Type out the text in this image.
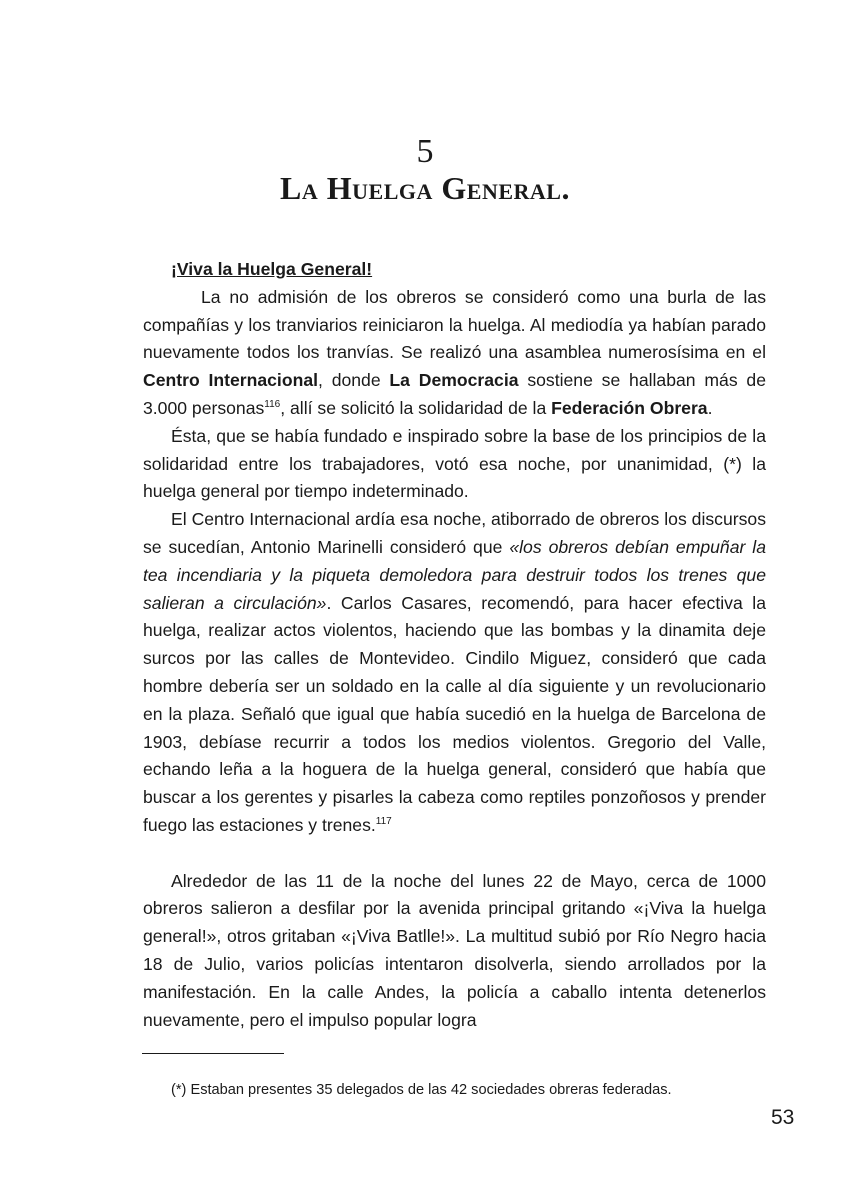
5
La Huelga General.

¡Viva la Huelga General!

La no admisión de los obreros se consideró como una burla de las compañías y los tranviarios reiniciaron la huelga. Al mediodía ya habían parado nuevamente todos los tranvías. Se realizó una asamblea numerosísima en el Centro Internacional, donde La Democracia sostiene se hallaban más de 3.000 personas$^{116}$, allí se solicitó la solidaridad de la Federación Obrera.

Ésta, que se había fundado e inspirado sobre la base de los principios de la solidaridad entre los trabajadores, votó esa noche, por unanimidad, (*) la huelga general por tiempo indeterminado.

El Centro Internacional ardía esa noche, atiborrado de obreros los discursos se sucedían, Antonio Marinelli consideró que «los obreros debían empuñar la tea incendiaria y la piqueta demoledora para destruir todos los trenes que salieran a circulación». Carlos Casares, recomendó, para hacer efectiva la huelga, realizar actos violentos, haciendo que las bombas y la dinamita deje surcos por las calles de Montevideo. Cindilo Miguez, consideró que cada hombre debería ser un soldado en la calle al día siguiente y un revolucionario en la plaza. Señaló que igual que había sucedió en la huelga de Barcelona de 1903, debíase recurrir a todos los medios violentos. Gregorio del Valle, echando leña a la hoguera de la huelga general, consideró que había que buscar a los gerentes y pisarles la cabeza como reptiles ponzoñosos y prender fuego las estaciones y trenes.$^{117}$

Alrededor de las 11 de la noche del lunes 22 de Mayo, cerca de 1000 obreros salieron a desfilar por la avenida principal gritando «¡Viva la huelga general!», otros gritaban «¡Viva Batlle!». La multitud subió por Río Negro hacia 18 de Julio, varios policías intentaron disolverla, siendo arrollados por la manifestación. En la calle Andes, la policía a caballo intenta detenerlos nuevamente, pero el impulso popular logra

(*) Estaban presentes 35 delegados de las 42 sociedades obreras federadas.
53
